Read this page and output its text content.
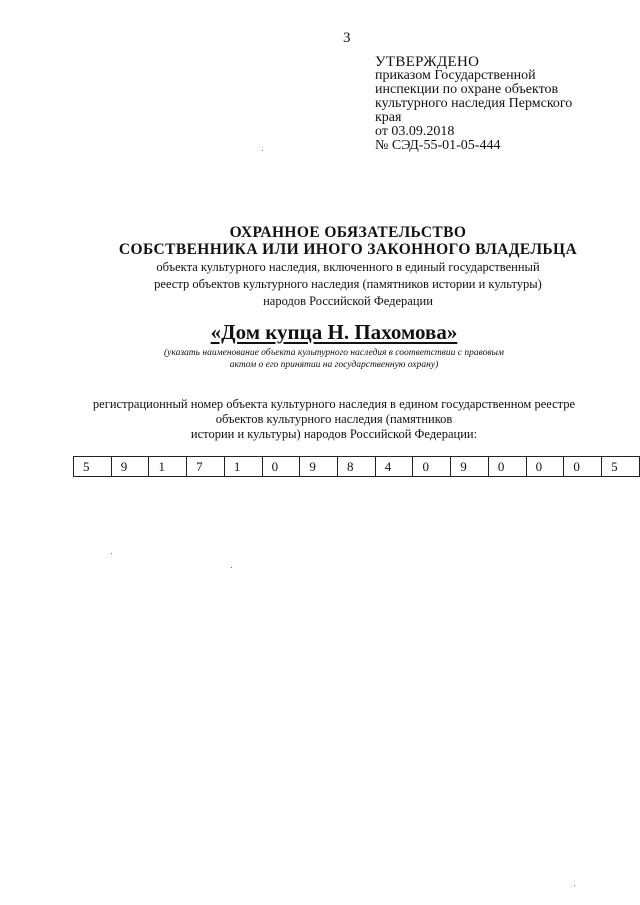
3
УТВЕРЖДЕНО
приказом Государственной
инспекции по охране объектов
культурного наследия Пермского
края
от 03.09.2018
№ СЭД-55-01-05-444
ОХРАННОЕ ОБЯЗАТЕЛЬСТВО
СОБСТВЕННИКА ИЛИ ИНОГО ЗАКОННОГО ВЛАДЕЛЬЦА
объекта культурного наследия, включенного в единый государственный
реестр объектов культурного наследия (памятников истории и культуры)
народов Российской Федерации
«Дом купца Н. Пахомова»
(указать наименование объекта культурного наследия в соответствии с правовым
актом о его принятии на государственную охрану)
регистрационный номер объекта культурного наследия в едином государственном реестре
объектов культурного наследия (памятников
истории и культуры) народов Российской Федерации:
5	9	1	7	1	0	9	8	4	0	9	0	0	0	5
